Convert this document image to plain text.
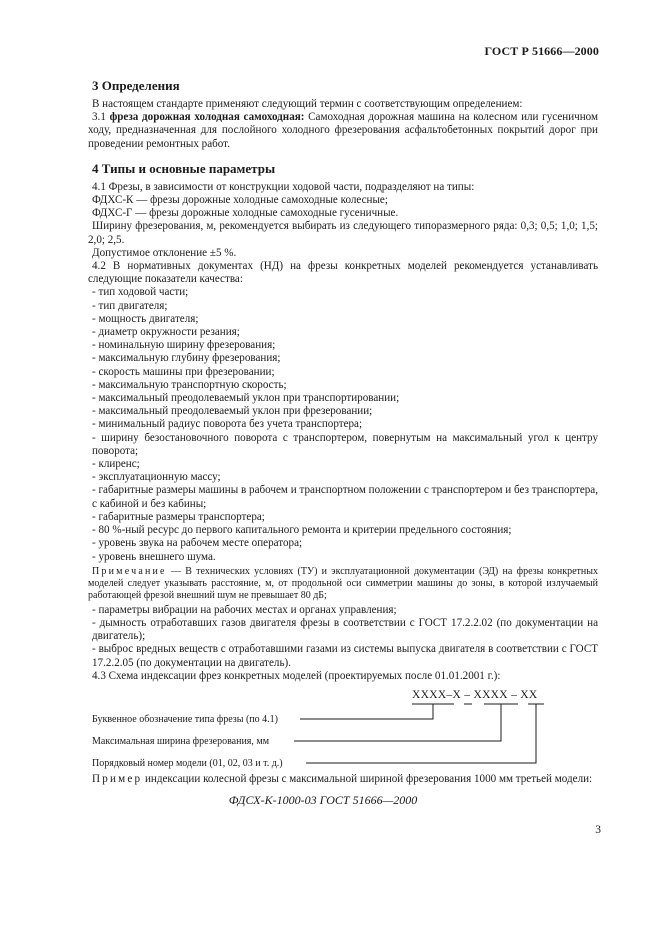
ГОСТ Р 51666—2000

3 Определения

В настоящем стандарте применяют следующий термин с соответствующим определением:

3.1 фреза дорожная холодная самоходная: Самоходная дорожная машина на колесном или гусеничном ходу, предназначенная для послойного холодного фрезерования асфальтобетонных покрытий дорог при проведении ремонтных работ.

4 Типы и основные параметры

4.1 Фрезы, в зависимости от конструкции ходовой части, подразделяют на типы:

ФДХС-К — фрезы дорожные холодные самоходные колесные;

ФДХС-Г — фрезы дорожные холодные самоходные гусеничные.

Ширину фрезерования, м, рекомендуется выбирать из следующего типоразмерного ряда: 0,3; 0,5; 1,0; 1,5; 2,0; 2,5.

Допустимое отклонение ±5 %.

4.2 В нормативных документах (НД) на фрезы конкретных моделей рекомендуется устанавливать следующие показатели качества:

- тип ходовой части;

- тип двигателя;

- мощность двигателя;

- диаметр окружности резания;

- номинальную ширину фрезерования;

- максимальную глубину фрезерования;

- скорость машины при фрезеровании;

- максимальную транспортную скорость;

- максимальный преодолеваемый уклон при транспортировании;

- максимальный преодолеваемый уклон при фрезеровании;

- минимальный радиус поворота без учета транспортера;

- ширину безостановочного поворота с транспортером, повернутым на максимальный угол к центру поворота;

- клиренс;

- эксплуатационную массу;

- габаритные размеры машины в рабочем и транспортном положении с транспортером и без транспортера, с кабиной и без кабины;

- габаритные размеры транспортера;

- 80 %-ный ресурс до первого капитального ремонта и критерии предельного состояния;

- уровень звука на рабочем месте оператора;

- уровень внешнего шума.

Примечание — В технических условиях (ТУ) и эксплуатационной документации (ЭД) на фрезы конкретных моделей следует указывать расстояние, м, от продольной оси симметрии машины до зоны, в которой излучаемый работающей фрезой внешний шум не превышает 80 дБ;

- параметры вибрации на рабочих местах и органах управления;

- дымность отработавших газов двигателя фрезы в соответствии с ГОСТ 17.2.2.02 (по документации на двигатель);

- выброс вредных веществ с отработавшими газами из системы выпуска двигателя в соответствии с ГОСТ 17.2.2.05 (по документации на двигатель).

4.3 Схема индексации фрез конкретных моделей (проектируемых после 01.01.2001 г.):

ХХХХ–Х – ХХХХ – ХХ
Буквенное обозначение типа фрезы (по 4.1)
Максимальная ширина фрезерования, мм
Порядковый номер модели (01, 02, 03 и т. д.)

Пример индексации колесной фрезы с максимальной шириной фрезерования 1000 мм третьей модели:

ФДСХ-К-1000-03 ГОСТ 51666—2000

3
